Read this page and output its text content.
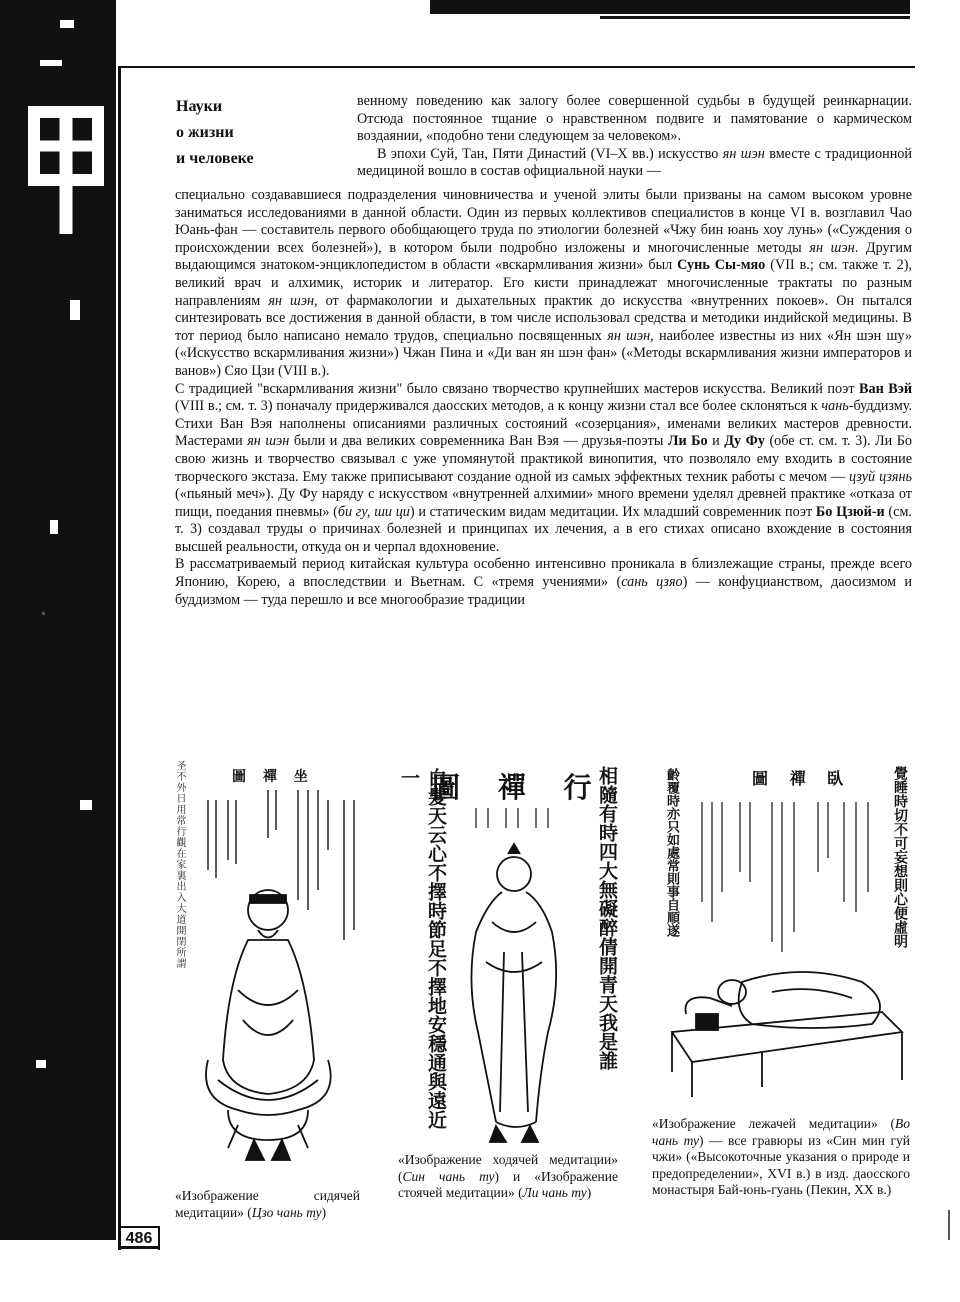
486
Науки
о жизни
и человеке

венному поведению как залогу более совершенной судьбы в будущей реинкарнации. Отсюда постоянное тщание о нравственном подвиге и памятование о кармическом воздаянии, «подобно тени следующем за человеком».

В эпохи Суй, Тан, Пяти Династий (VI–X вв.) искусство ян шэн вместе с традиционной медициной вошло в состав официальной науки —

специально создававшиеся подразделения чиновничества и ученой элиты были призваны на самом высоком уровне заниматься исследованиями в данной области. Один из первых коллективов специалистов в конце VI в. возглавил Чао Юань-фан — составитель первого обобщающего труда по этиологии болезней «Чжу бин юань хоу лунь» («Суждения о происхождении всех болезней»), в котором были подробно изложены и многочисленные методы ян шэн. Другим выдающимся знатоком-энциклопедистом в области «вскармливания жизни» был Сунь Сы-мяо (VII в.; см. также т. 2), великий врач и алхимик, историк и литератор. Его кисти принадлежат многочисленные трактаты по разным направлениям ян шэн, от фармакологии и дыхательных практик до искусства «внутренних покоев». Он пытался синтезировать все достижения в данной области, в том числе использовал средства и методики индийской медицины. В тот период было написано немало трудов, специально посвященных ян шэн, наиболее известны из них «Ян шэн шу» («Искусство вскармливания жизни») Чжан Пина и «Ди ван ян шэн фан» («Методы вскармливания жизни императоров и ванов») Сяо Цзи (VIII в.).

С традицией "вскармливания жизни" было связано творчество крупнейших мастеров искусства. Великий поэт Ван Вэй (VIII в.; см. т. 3) поначалу придерживался даосских методов, а к концу жизни стал все более склоняться к чань-буддизму. Стихи Ван Вэя наполнены описаниями различных состояний «созерцания», именами великих мастеров древности. Мастерами ян шэн были и два великих современника Ван Вэя — друзья-поэты Ли Бо и Ду Фу (обе ст. см. т. 3). Ли Бо свою жизнь и творчество связывал с уже упомянутой практикой винопития, что позволяло ему входить в состояние творческого экстаза. Ему также приписывают создание одной из самых эффектных техник работы с мечом — цзуй цзянь («пьяный меч»). Ду Фу наряду с искусством «внутренней алхимии» много времени уделял древней практике «отказа от пищи, поедания пневмы» (би гу, ши ци) и статическим видам медитации. Их младший современник поэт Бо Цзюй-и (см. т. 3) создавал труды о причинах болезней и принципах их лечения, а в его стихах описано вхождение в состояния высшей реальности, откуда он и черпал вдохновение.

В рассматриваемый период китайская культура особенно интенсивно проникала в близлежащие страны, прежде всего Японию, Корею, а впоследствии и Вьетнам. С «тремя учениями» (сань цзяо) — конфуцианством, даосизмом и буддизмом — туда перешло и все многообразие традиции

圖 禪 坐
圣不外日用常行觀在家裏出入大道開閉所謂
«Изображение сидячей медитации» (Цзо чань ту)
圖 禪 行
白髮天云心不擇時節足不擇地安穩通與遠近一	相隨有時四大無礙醉倩開青天我是誰
«Изображение ходячей медитации» (Син чань ту) и «Изображение стоячей медитации» (Ли чань ту)
圖 禪 臥	覺睡時切不可妄想則心便虛明
齡覆時亦只如處常則事自順遂
«Изображение лежачей медитации» (Во чань ту) — все гравюры из «Син мин гуй чжи» («Высокоточные указания о природе и предопределении», XVI в.) в изд. даосского монастыря Бай-юнь-гуань (Пекин, XX в.)
